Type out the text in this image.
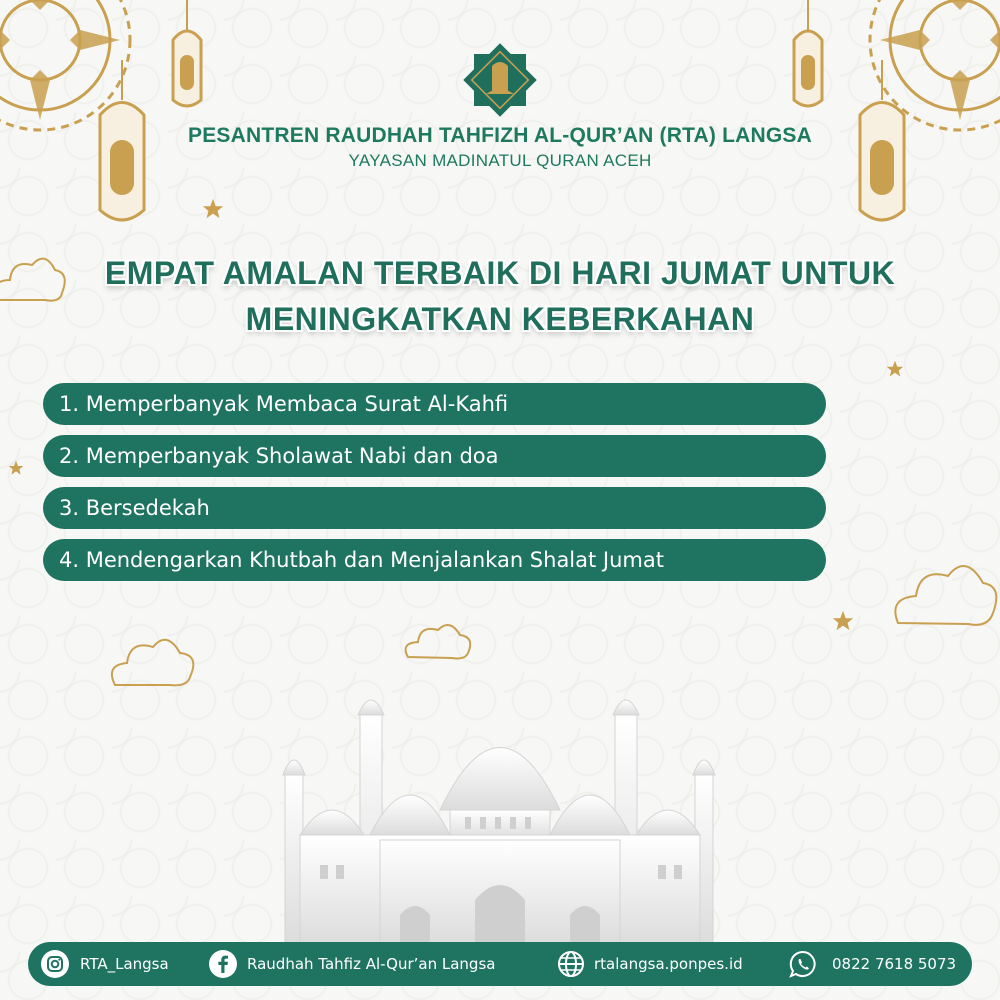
PESANTREN RAUDHAH TAHFIZH AL-QUR’AN (RTA) LANGSA
YAYASAN MADINATUL QURAN ACEH
EMPAT AMALAN TERBAIK DI HARI JUMAT UNTUK
MENINGKATKAN KEBERKAHAN
1. Memperbanyak Membaca Surat Al-Kahfi
2. Memperbanyak Sholawat Nabi dan doa
3. Bersedekah
4. Mendengarkan Khutbah dan Menjalankan Shalat Jumat
RTA_Langsa	Raudhah Tahfiz Al-Qur’an Langsa	rtalangsa.ponpes.id	0822 7618 5073
